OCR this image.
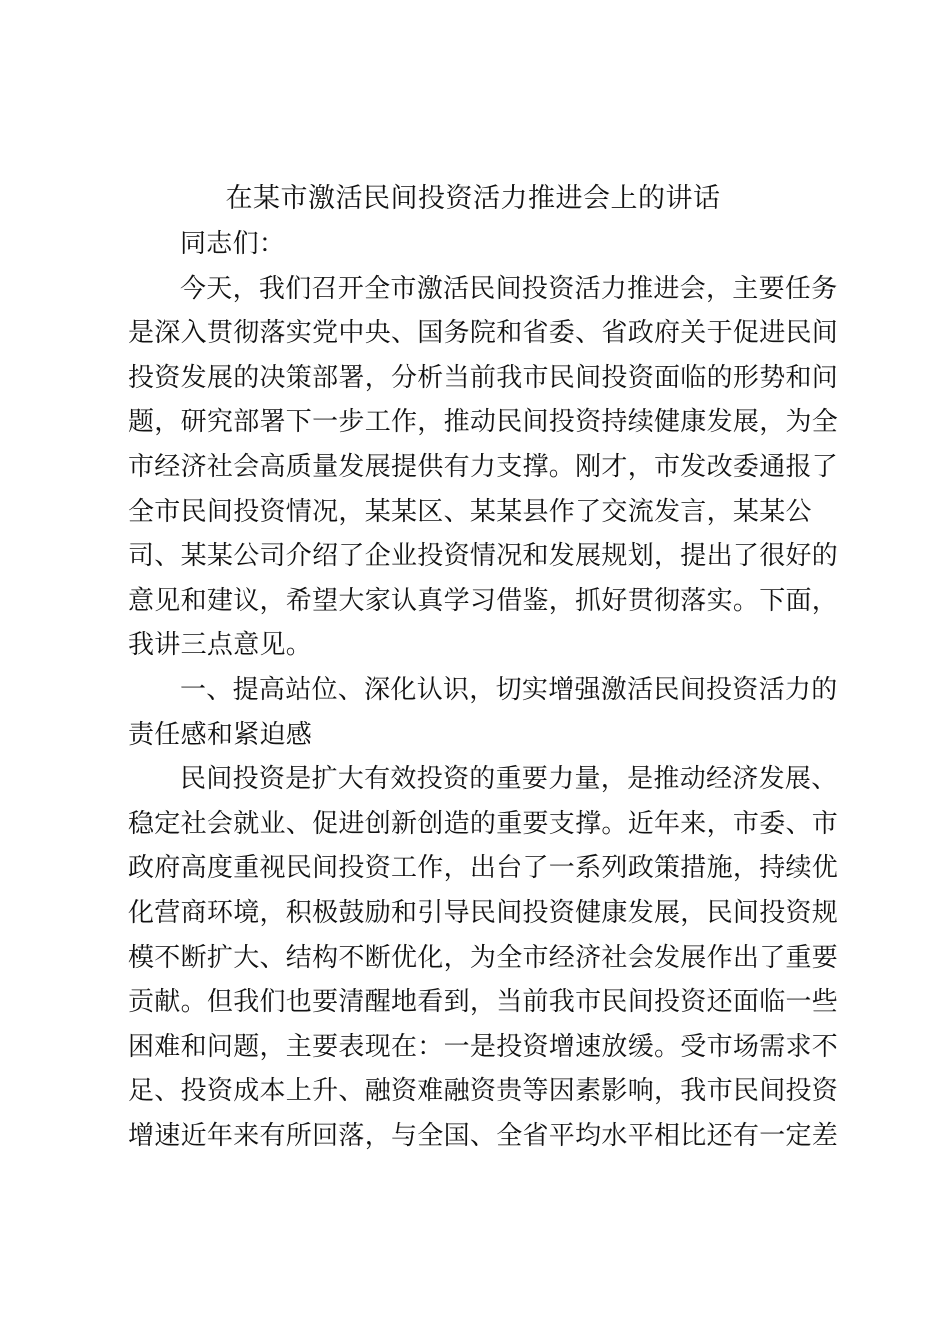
在某市激活民间投资活力推进会上的讲话

同志们：

今天，我们召开全市激活民间投资活力推进会，主要任务

是深入贯彻落实党中央、国务院和省委、省政府关于促进民间

投资发展的决策部署，分析当前我市民间投资面临的形势和问

题，研究部署下一步工作，推动民间投资持续健康发展，为全

市经济社会高质量发展提供有力支撑。刚才，市发改委通报了

全市民间投资情况，某某区、某某县作了交流发言，某某公

司、某某公司介绍了企业投资情况和发展规划，提出了很好的

意见和建议，希望大家认真学习借鉴，抓好贯彻落实。下面，

我讲三点意见。

一、提高站位、深化认识，切实增强激活民间投资活力的

责任感和紧迫感

民间投资是扩大有效投资的重要力量，是推动经济发展、

稳定社会就业、促进创新创造的重要支撑。近年来，市委、市

政府高度重视民间投资工作，出台了一系列政策措施，持续优

化营商环境，积极鼓励和引导民间投资健康发展，民间投资规

模不断扩大、结构不断优化，为全市经济社会发展作出了重要

贡献。但我们也要清醒地看到，当前我市民间投资还面临一些

困难和问题，主要表现在：一是投资增速放缓。受市场需求不

足、投资成本上升、融资难融资贵等因素影响，我市民间投资

增速近年来有所回落，与全国、全省平均水平相比还有一定差
